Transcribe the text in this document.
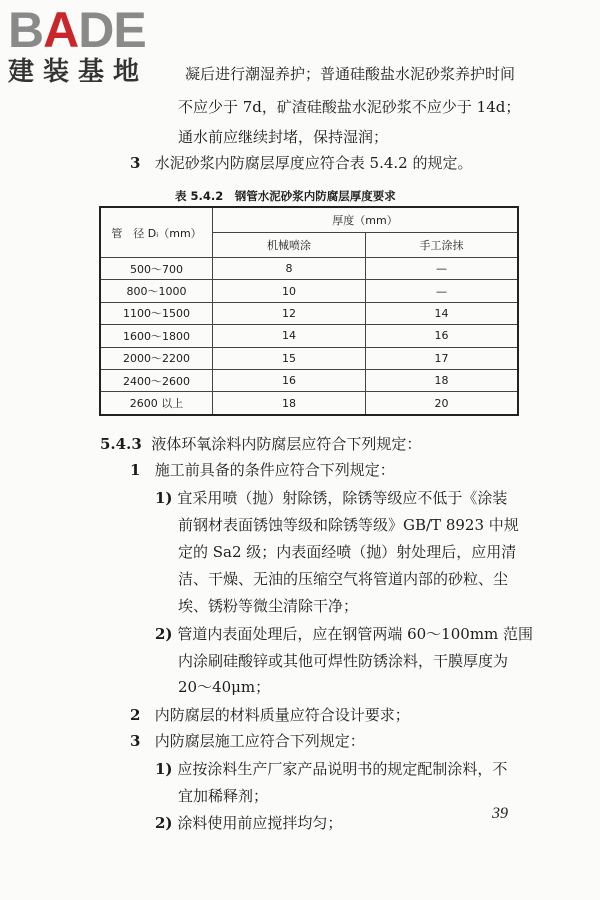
BADE
建装基地	凝后进行潮湿养护；普通硅酸盐水泥砂浆养护时间
不应少于 7d，矿渣硅酸盐水泥砂浆不应少于 14d；
通水前应继续封堵，保持湿润；
3 水泥砂浆内防腐层厚度应符合表 5.4.2 的规定。
表 5.4.2　钢管水泥砂浆内防腐层厚度要求
管　径 Dᵢ（mm）	厚度（mm）	
	机械喷涂	手工涂抹
500～700	8	—
800～1000	10	—
1100～1500	12	14
1600～1800	14	16
2000～2200	15	17
2400～2600	16	18
2600 以上	18	20
5.4.3 液体环氧涂料内防腐层应符合下列规定：
1 施工前具备的条件应符合下列规定：
1) 宜采用喷（抛）射除锈，除锈等级应不低于《涂装
前钢材表面锈蚀等级和除锈等级》GB/T 8923 中规
定的 Sa2 级；内表面经喷（抛）射处理后，应用清
洁、干燥、无油的压缩空气将管道内部的砂粒、尘
埃、锈粉等微尘清除干净；
2) 管道内表面处理后，应在钢管两端 60～100mm 范围
内涂刷硅酸锌或其他可焊性防锈涂料，干膜厚度为
20～40μm；
2 内防腐层的材料质量应符合设计要求；
3 内防腐层施工应符合下列规定：
1) 应按涂料生产厂家产品说明书的规定配制涂料，不
宜加稀释剂；
2) 涂料使用前应搅拌均匀；
39
